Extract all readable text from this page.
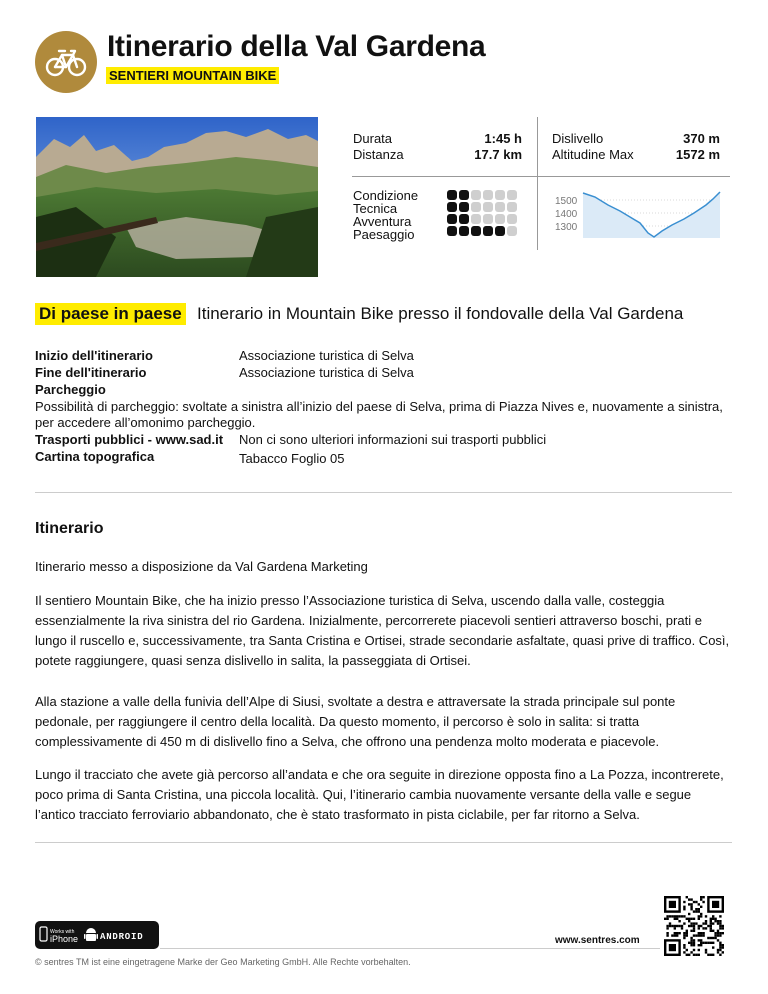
Itinerario della Val Gardena
SENTIERI MOUNTAIN BIKE
Durata	1:45 h
Distanza	17.7 km
Dislivello	370 m
Altitudine Max	1572 m
Condizione
Tecnica
Avventura
Paesaggio
1500
1400
1300
Di paese in paese Itinerario in Mountain Bike presso il fondovalle della Val Gardena
Inizio dell'itinerario	Associazione turistica di Selva
Fine dell'itinerario	Associazione turistica di Selva
Parcheggio
Possibilità di parcheggio: svoltate a sinistra all’inizio del paese di Selva, prima di Piazza Nives e, nuovamente a sinistra,
per accedere all’omonimo parcheggio.
Trasporti pubblici - www.sad.it Non ci sono ulteriori informazioni sui trasporti pubblici
Cartina topografica	Tabacco Foglio 05
Itinerario
Itinerario messo a disposizione da Val Gardena Marketing
Il sentiero Mountain Bike, che ha inizio presso l’Associazione turistica di Selva, uscendo dalla valle, costeggia essenzialmente la riva sinistra del rio Gardena. Inizialmente, percorrerete piacevoli sentieri attraverso boschi, prati e lungo il ruscello e, successivamente, tra Santa Cristina e Ortisei, strade secondarie asfaltate, quasi prive di traffico. Così, potete raggiungere, quasi senza dislivello in salita, la passeggiata di Ortisei.
Alla stazione a valle della funivia dell’Alpe di Siusi, svoltate a destra e attraversate la strada principale sul ponte pedonale, per raggiungere il centro della località. Da questo momento, il percorso è solo in salita: si tratta complessivamente di 450 m di dislivello fino a Selva, che offrono una pendenza molto moderata e piacevole.
Lungo il tracciato che avete già percorso all’andata e che ora seguite in direzione opposta fino a La Pozza, incontrerete, poco prima di Santa Cristina, una piccola località. Qui, l’itinerario cambia nuovamente versante della valle e segue l’antico tracciato ferroviario abbandonato, che è stato trasformato in pista ciclabile, per far ritorno a Selva.
Works with
iPhone ANDROID	www.sentres.com
© sentres TM ist eine eingetragene Marke der Geo Marketing GmbH. Alle Rechte vorbehalten.
